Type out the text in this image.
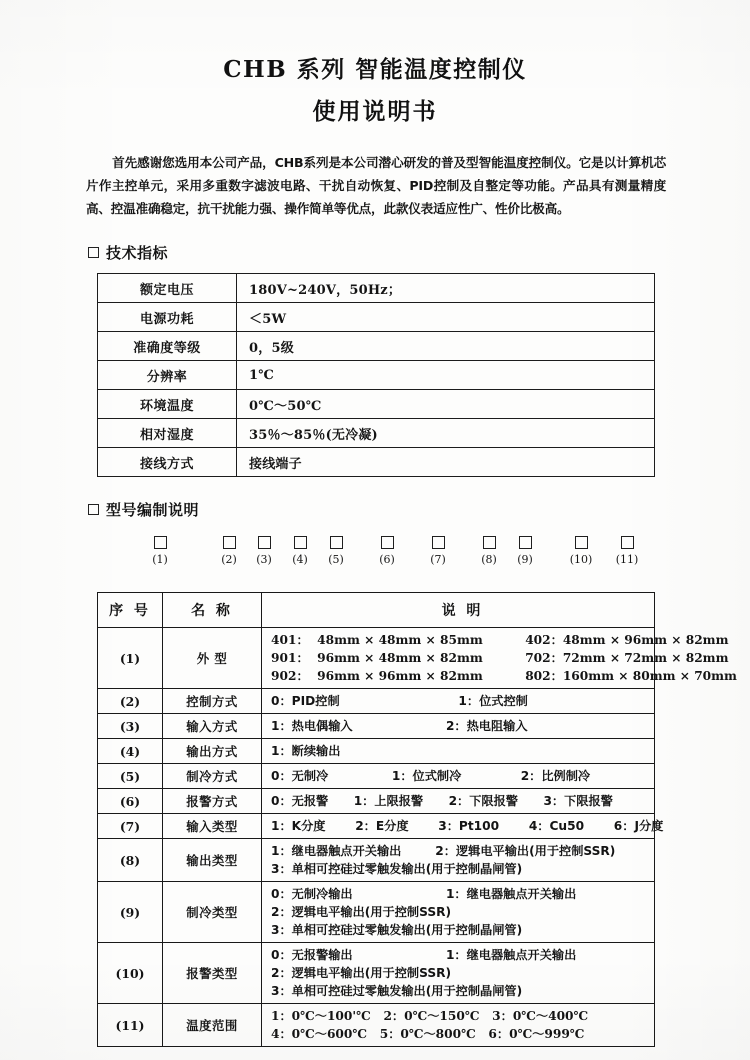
CHB 系列 智能温度控制仪
使用说明书
首先感谢您选用本公司产品，CHB系列是本公司潜心研发的普及型智能温度控制仪。它是以计算机芯片作主控单元，采用多重数字滤波电路、干扰自动恢复、PID控制及自整定等功能。产品具有测量精度高、控温准确稳定，抗干扰能力强、操作简单等优点，此款仪表适应性广、性价比极高。
技术指标
额定电压	180V~240V，50Hz；
电源功耗	＜5W
准确度等级	0，5级
分辨率	1℃
环境温度	0℃～50℃
相对湿度	35％～85％(无冷凝)
接线方式	接线端子
型号编制说明
(1)	(2)	(3)	(4)	(5)	(6)	(7)	(8)	(9)	(10)	(11)
序 号	名 称	说 明
(1)	外 型	401：  48mm × 48mm × 85mm          402：48mm × 96mm × 82mm
901：  96mm × 48mm × 82mm          702：72mm × 72mm × 82mm
902：  96mm × 96mm × 82mm          802：160mm × 80mm × 70mm

(2)	控制方式	0：PID控制                            1：位式控制

(3)	输入方式	1：热电偶输入                      2：热电阻输入

(4)	输出方式	1：断续输出

(5)	制冷方式	0：无制冷               1：位式制冷              2：比例制冷

(6)	报警方式	0：无报警      1：上限报警      2：下限报警      3：下限报警

(7)	输入类型	1：K分度       2：E分度       3：Pt100       4：Cu50       6：J分度

(8)	输出类型	1：继电器触点开关输出        2：逻辑电平输出(用于控制SSR)
3：单相可控硅过零触发输出(用于控制晶闸管)

(9)	制冷类型	0：无制冷输出                      1：继电器触点开关输出
2：逻辑电平输出(用于控制SSR)
3：单相可控硅过零触发输出(用于控制晶闸管)

(10)	报警类型	0：无报警输出                      1：继电器触点开关输出
2：逻辑电平输出(用于控制SSR)
3：单相可控硅过零触发输出(用于控制晶闸管)

(11)	温度范围	1：0℃～100'℃   2：0℃～150℃   3：0℃～400℃
4：0℃～600℃   5：0℃～800℃   6：0℃～999℃
